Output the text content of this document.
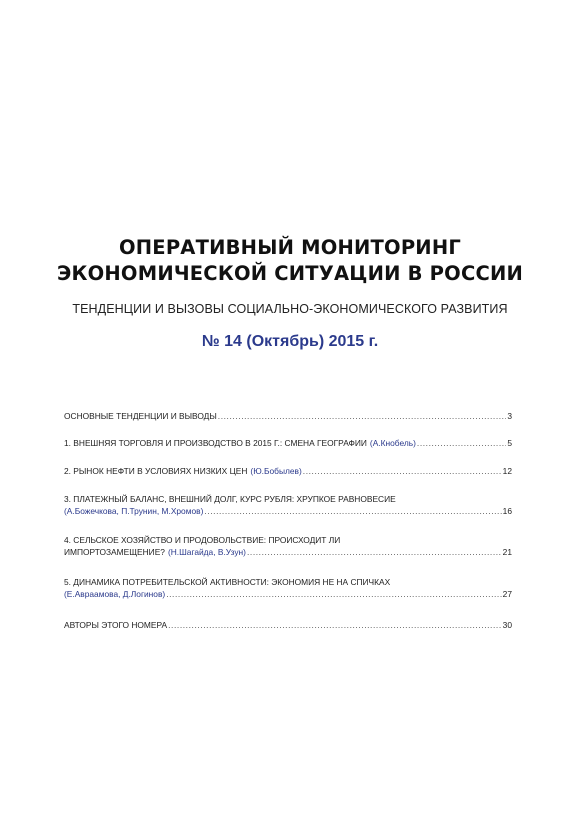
ОПЕРАТИВНЫЙ МОНИТОРИНГ
ЭКОНОМИЧЕСКОЙ СИТУАЦИИ В РОССИИ
ТЕНДЕНЦИИ И ВЫЗОВЫ СОЦИАЛЬНО-ЭКОНОМИЧЕСКОГО РАЗВИТИЯ
№ 14 (Октябрь) 2015 г.
ОСНОВНЫЕ ТЕНДЕНЦИИ И ВЫВОДЫ .....	3
1. ВНЕШНЯЯ ТОРГОВЛЯ И ПРОИЗВОДСТВО В 2015 Г.: СМЕНА ГЕОГРАФИИ (А.Кнобель) .....	5
2. РЫНОК НЕФТИ В УСЛОВИЯХ НИЗКИХ ЦЕН (Ю.Бобылев) .....	12
3. ПЛАТЕЖНЫЙ БАЛАНС, ВНЕШНИЙ ДОЛГ, КУРС РУБЛЯ: ХРУПКОЕ РАВНОВЕСИЕ
(А.Божечкова, П.Трунин, М.Хромов) .....	16
4. СЕЛЬСКОЕ ХОЗЯЙСТВО И ПРОДОВОЛЬСТВИЕ: ПРОИСХОДИТ ЛИ
ИМПОРТОЗАМЕЩЕНИЕ? (Н.Шагайда, В.Узун) .....	21
5. ДИНАМИКА ПОТРЕБИТЕЛЬСКОЙ АКТИВНОСТИ: ЭКОНОМИЯ НЕ НА СПИЧКАХ
(Е.Авраамова, Д.Логинов) .....	27
АВТОРЫ ЭТОГО НОМЕРА .....	30
